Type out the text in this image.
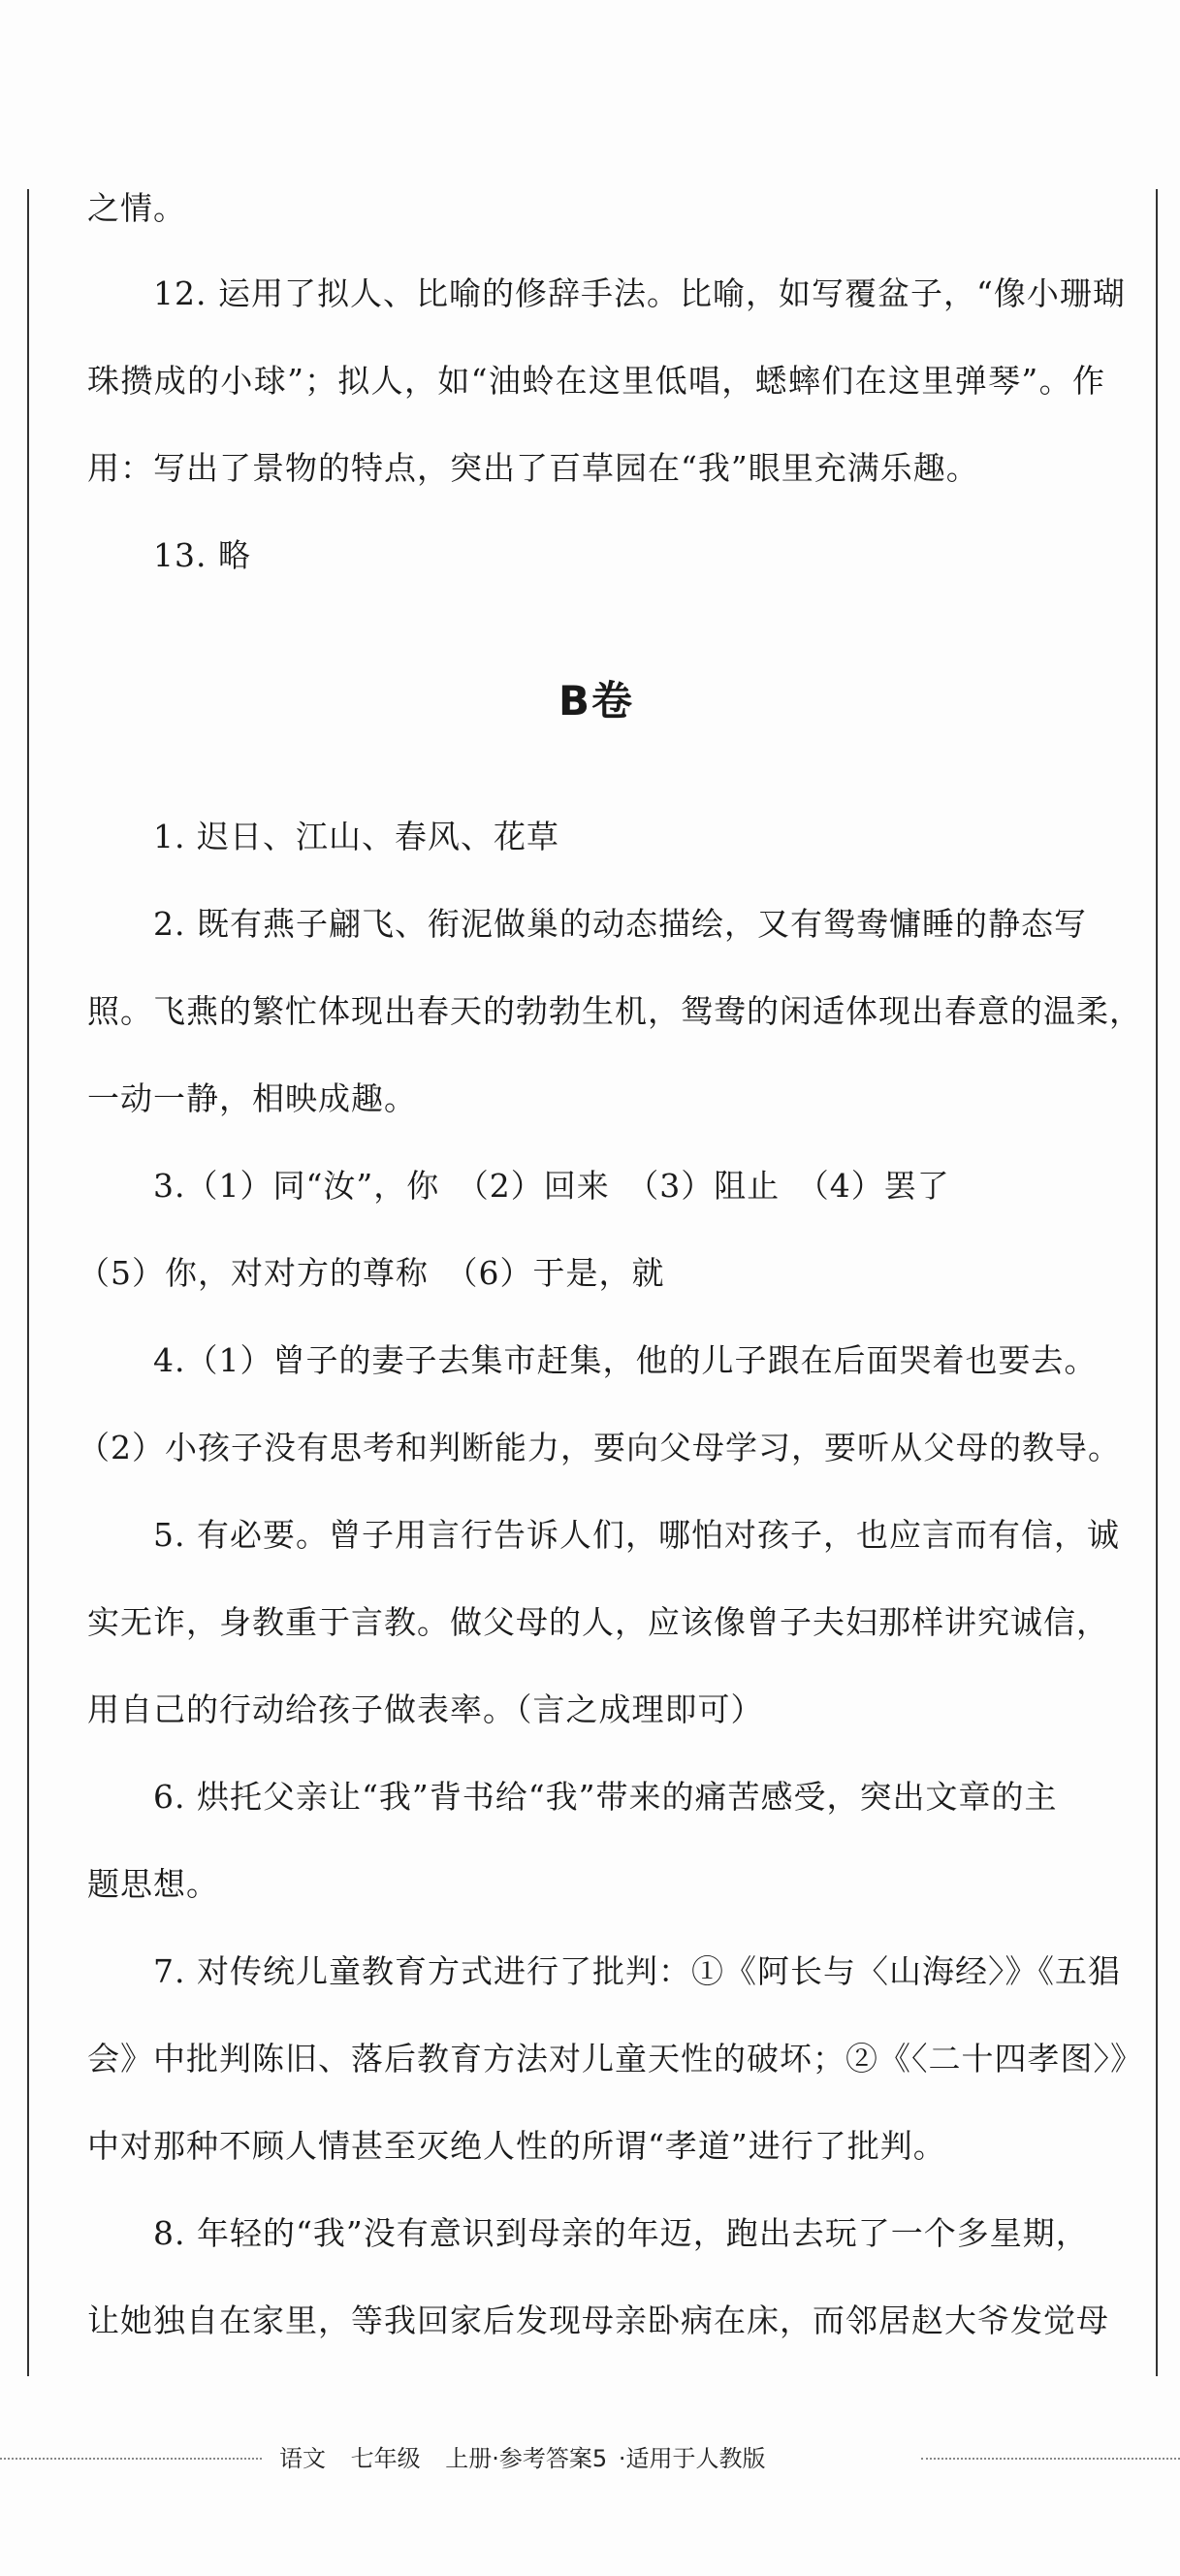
之情。
12. 运用了拟人、比喻的修辞手法。比喻，如写覆盆子，“像小珊瑚
珠攒成的小球”；拟人，如“油蛉在这里低唱，蟋蟀们在这里弹琴”。作
用：写出了景物的特点，突出了百草园在“我”眼里充满乐趣。
13. 略
B卷
1. 迟日、江山、春风、花草
2. 既有燕子翩飞、衔泥做巢的动态描绘，又有鸳鸯慵睡的静态写
照。飞燕的繁忙体现出春天的勃勃生机，鸳鸯的闲适体现出春意的温柔，
一动一静，相映成趣。
3.（1）同“汝”，你　（2）回来　（3）阻止　（4）罢了
（5）你，对对方的尊称　（6）于是，就
4.（1）曾子的妻子去集市赶集，他的儿子跟在后面哭着也要去。
（2）小孩子没有思考和判断能力，要向父母学习，要听从父母的教导。
5. 有必要。曾子用言行告诉人们，哪怕对孩子，也应言而有信，诚
实无诈，身教重于言教。做父母的人，应该像曾子夫妇那样讲究诚信，
用自己的行动给孩子做表率。（言之成理即可）
6. 烘托父亲让“我”背书给“我”带来的痛苦感受，突出文章的主
题思想。
7. 对传统儿童教育方式进行了批判：①《阿长与〈山海经〉》《五猖
会》中批判陈旧、落后教育方法对儿童天性的破坏；②《〈二十四孝图〉》
中对那种不顾人情甚至灭绝人性的所谓“孝道”进行了批判。
8. 年轻的“我”没有意识到母亲的年迈，跑出去玩了一个多星期，
让她独自在家里，等我回家后发现母亲卧病在床，而邻居赵大爷发觉母
语文 七年级 上册·参考答案5 ·适用于人教版
